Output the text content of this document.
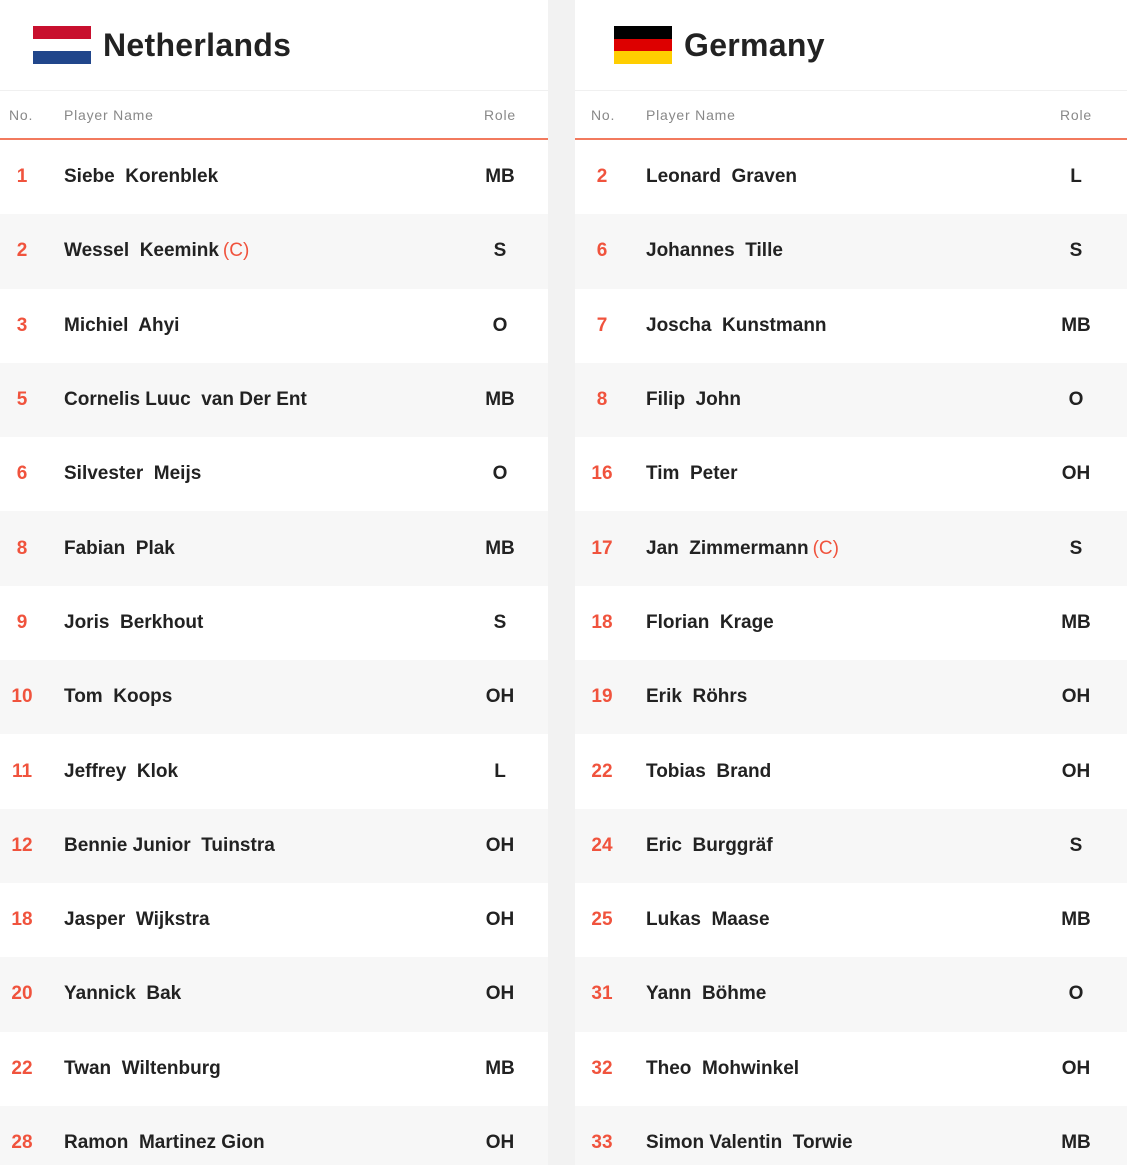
Netherlands
No. Player Name	Role
1	Siebe  Korenblek	MB
2	Wessel  Keemink (C)	S
3	Michiel  Ahyi	O
5	Cornelis Luuc  van Der Ent	MB
6	Silvester  Meijs	O
8	Fabian  Plak	MB
9	Joris  Berkhout	S
10	Tom  Koops	OH
11	Jeffrey  Klok	L
12	Bennie Junior  Tuinstra	OH
18	Jasper  Wijkstra	OH
20	Yannick  Bak	OH
22	Twan  Wiltenburg	MB
28	Ramon  Martinez Gion	OH
Germany
No. Player Name	Role
2	Leonard  Graven	L
6	Johannes  Tille	S
7	Joscha  Kunstmann	MB
8	Filip  John	O
16	Tim  Peter	OH
17	Jan  Zimmermann (C)	S
18	Florian  Krage	MB
19	Erik  Röhrs	OH
22	Tobias  Brand	OH
24	Eric  Burggräf	S
25	Lukas  Maase	MB
31	Yann  Böhme	O
32	Theo  Mohwinkel	OH
33	Simon Valentin  Torwie	MB
